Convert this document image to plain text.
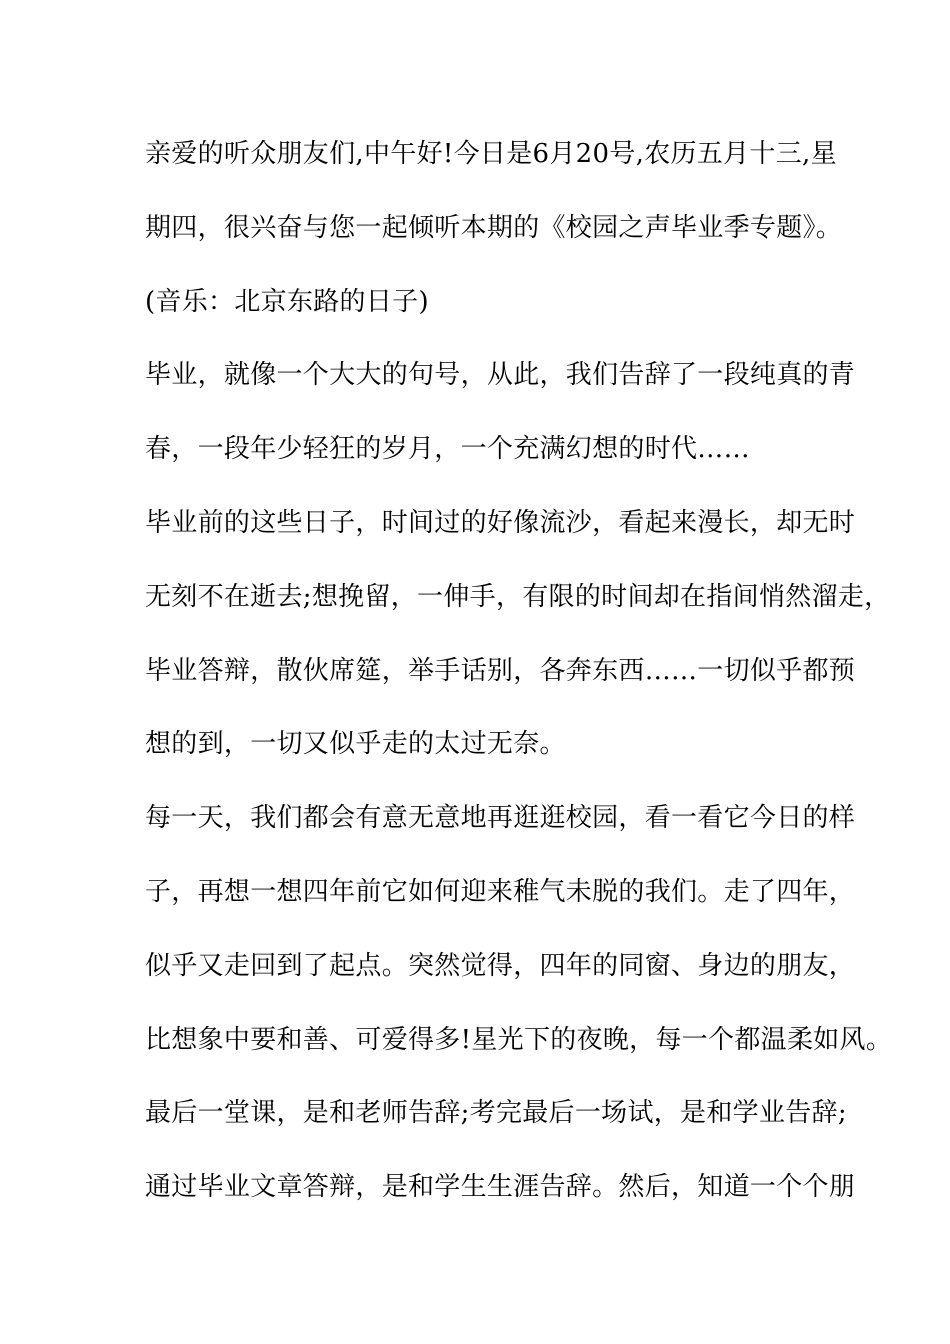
亲爱的听众朋友们,中午好!今日是6月20号,农历五月十三,星

期四，很兴奋与您一起倾听本期的《校园之声毕业季专题》。

(音乐：北京东路的日子)

毕业，就像一个大大的句号，从此，我们告辞了一段纯真的青

春，一段年少轻狂的岁月，一个充满幻想的时代……

毕业前的这些日子，时间过的好像流沙，看起来漫长，却无时

无刻不在逝去;想挽留，一伸手，有限的时间却在指间悄然溜走，

毕业答辩，散伙席筵，举手话别，各奔东西……一切似乎都预

想的到，一切又似乎走的太过无奈。

每一天，我们都会有意无意地再逛逛校园，看一看它今日的样

子，再想一想四年前它如何迎来稚气未脱的我们。走了四年，

似乎又走回到了起点。突然觉得，四年的同窗、身边的朋友，

比想象中要和善、可爱得多!星光下的夜晚，每一个都温柔如风。

最后一堂课，是和老师告辞;考完最后一场试，是和学业告辞;

通过毕业文章答辩，是和学生生涯告辞。然后，知道一个个朋
